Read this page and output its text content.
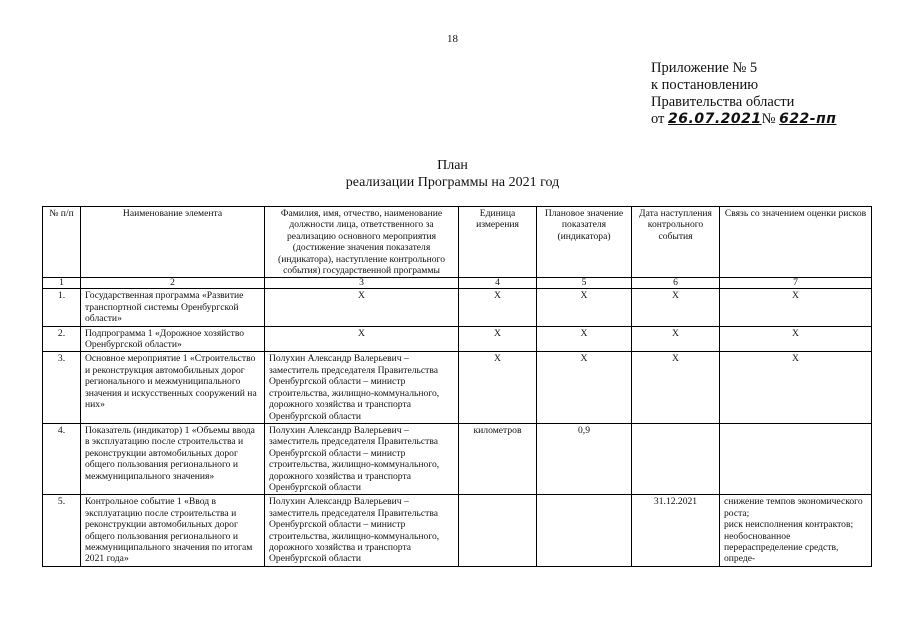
18
Приложение № 5
к постановлению
Правительства области
от 26.07.2021№ 622-пп
План
реализации Программы на 2021 год
№ п/п	Наименование элемента	Фамилия, имя, отчество, наименование должности лица, ответственного за реализацию основного мероприятия (достижение значения показателя (индикатора), наступление контрольного события) государственной программы	Единица измерения	Плановое значение показателя (индикатора)	Дата наступления контрольного события	Связь со значением оценки рисков
1	2	3	4	5	6	7
1.	Государственная программа «Развитие транспортной системы Оренбургской области»	Х	Х	Х	Х	Х
2.	Подпрограмма 1 «Дорожное хозяйство Оренбургской области»	Х	Х	Х	Х	Х
3.	Основное мероприятие 1 «Строительство и реконструкция автомобильных дорог регионального и межмуниципального значения и искусственных сооружений на них»	Полухин Александр Валерьевич – заместитель председателя Правительства Оренбургской области – министр строительства, жилищно-коммунального, дорожного хозяйства и транспорта Оренбургской области	Х	Х	Х	Х
4.	Показатель (индикатор) 1 «Объемы ввода в эксплуатацию после строительства и реконструкции автомобильных дорог общего пользования регионального и межмуниципального значения»	Полухин Александр Валерьевич – заместитель председателя Правительства Оренбургской области – министр строительства, жилищно-коммунального, дорожного хозяйства и транспорта Оренбургской области	километров	0,9		
5.	Контрольное событие 1 «Ввод в эксплуатацию после строительства и реконструкции автомобильных дорог общего пользования регионального и межмуниципального значения по итогам 2021 года»	Полухин Александр Валерьевич – заместитель председателя Правительства Оренбургской области – министр строительства, жилищно-коммунального, дорожного хозяйства и транспорта Оренбургской области			31.12.2021	снижение темпов экономического роста;
риск неисполнения контрактов;
необоснованное перераспределение средств, опреде-
